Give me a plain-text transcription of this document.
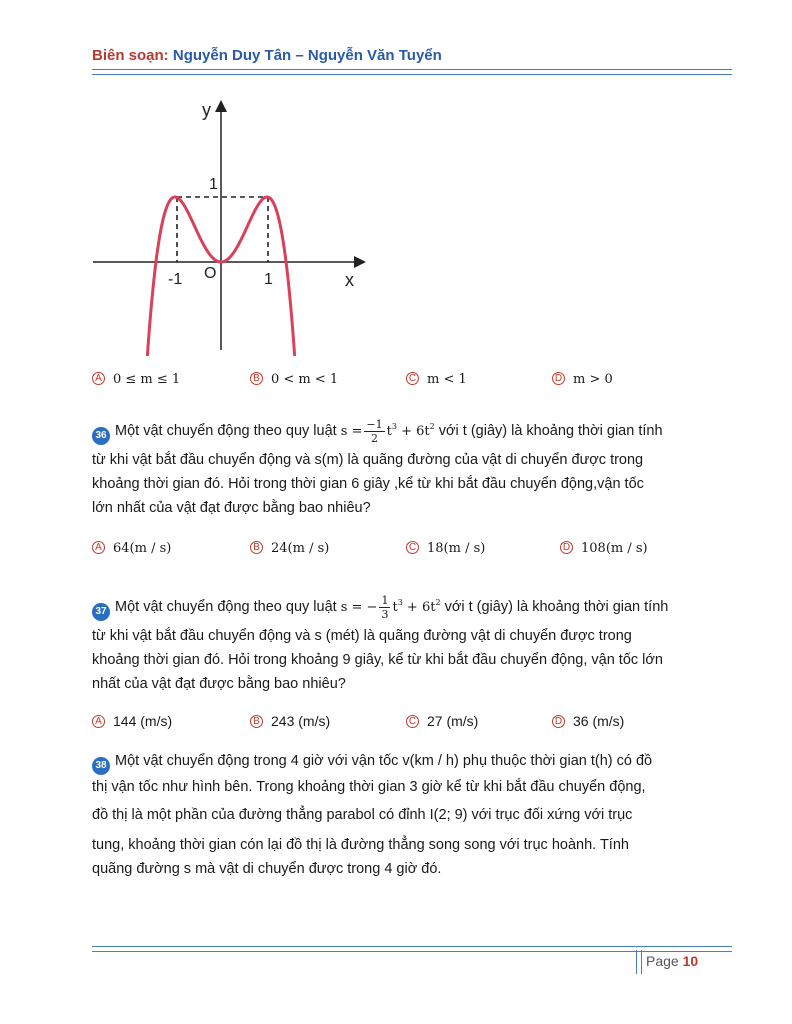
Biên soạn: Nguyễn Duy Tân – Nguyễn Văn Tuyển
y
x
O
-1	1
1
A 0 ≤ m ≤ 1	B 0 < m < 1	C m < 1	D m > 0
36 Một vật chuyển động theo quy luật $s = \frac{-1}{2} t^3 + 6t^2$ với t (giây) là khoảng thời gian tính
từ khi vật bắt đầu chuyển động và s(m) là quãng đường của vật di chuyển được trong
khoảng thời gian đó. Hỏi trong thời gian 6 giây ,kể từ khi bắt đầu chuyển động,vận tốc
lớn nhất của vật đạt được bằng bao nhiêu?
A 64(m / s)	B 24(m / s)	C 18(m / s)	D 108(m / s)
37 Một vật chuyển động theo quy luật s = − $\frac{1}{3} t^3 + 6t^2$ với t (giây) là khoảng thời gian tính
từ khi vật bắt đầu chuyển động và s (mét) là quãng đường vật di chuyển được trong
khoảng thời gian đó. Hỏi trong khoảng 9 giây, kể từ khi bắt đầu chuyển động, vận tốc lớn
nhất của vật đạt được bằng bao nhiêu?
A 144 (m/s)	B 243 (m/s)	C 27 (m/s)	D 36 (m/s)
38 Một vật chuyển động trong 4 giờ với vận tốc v(km / h) phụ thuộc thời gian t(h) có đồ
thị vận tốc như hình bên. Trong khoảng thời gian 3 giờ kể từ khi bắt đầu chuyển động,
đồ thị là một phần của đường thẳng parabol có đỉnh I(2; 9) với trục đối xứng với trục
tung, khoảng thời gian cón lại đồ thị là đường thẳng song song với trục hoành. Tính
quãng đường s mà vật di chuyển được trong 4 giờ đó.
Page 10
